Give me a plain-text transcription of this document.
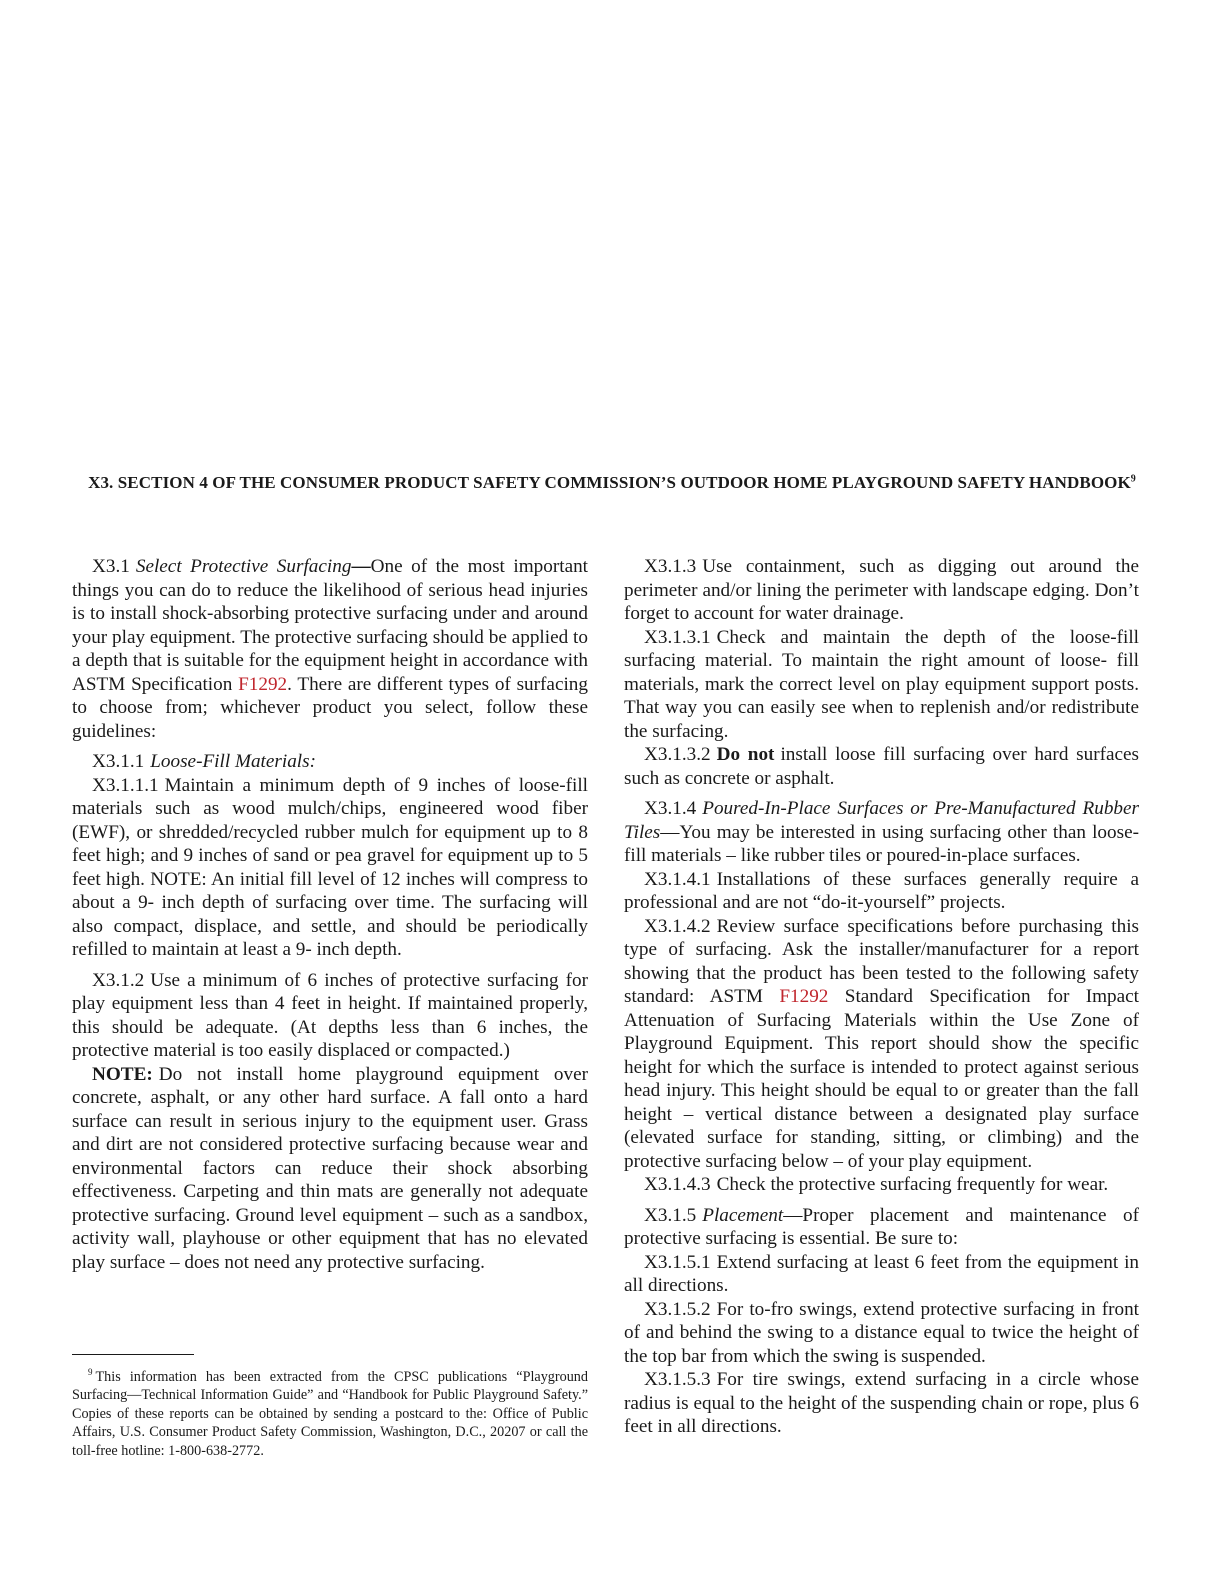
X3. SECTION 4 OF THE CONSUMER PRODUCT SAFETY COMMISSION’S OUTDOOR HOME PLAYGROUND SAFETY HANDBOOK$^9$

X3.1 Select Protective Surfacing—One of the most important things you can do to reduce the likelihood of serious head injuries is to install shock-absorbing protective surfacing under and around your play equipment. The protective surfacing should be applied to a depth that is suitable for the equipment height in accordance with ASTM Specification F1292. There are different types of surfacing to choose from; whichever product you select, follow these guidelines:

X3.1.1 Loose-Fill Materials:

X3.1.1.1 Maintain a minimum depth of 9 inches of loose-fill materials such as wood mulch/chips, engineered wood fiber (EWF), or shredded/recycled rubber mulch for equipment up to 8 feet high; and 9 inches of sand or pea gravel for equipment up to 5 feet high. NOTE: An initial fill level of 12 inches will compress to about a 9- inch depth of surfacing over time. The surfacing will also compact, displace, and settle, and should be periodically refilled to maintain at least a 9- inch depth.

X3.1.2 Use a minimum of 6 inches of protective surfacing for play equipment less than 4 feet in height. If maintained properly, this should be adequate. (At depths less than 6 inches, the protective material is too easily displaced or compacted.)

NOTE: Do not install home playground equipment over concrete, asphalt, or any other hard surface. A fall onto a hard surface can result in serious injury to the equipment user. Grass and dirt are not considered protective surfacing because wear and environmental factors can reduce their shock absorbing effectiveness. Carpeting and thin mats are generally not adequate protective surfacing. Ground level equipment – such as a sandbox, activity wall, playhouse or other equipment that has no elevated play surface – does not need any protective surfacing.

X3.1.3 Use containment, such as digging out around the perimeter and/or lining the perimeter with landscape edging. Don’t forget to account for water drainage.

X3.1.3.1 Check and maintain the depth of the loose-fill surfacing material. To maintain the right amount of loose- fill materials, mark the correct level on play equipment support posts. That way you can easily see when to replenish and/or redistribute the surfacing.

X3.1.3.2 Do not install loose fill surfacing over hard surfaces such as concrete or asphalt.

X3.1.4 Poured-In-Place Surfaces or Pre-Manufactured Rubber Tiles—You may be interested in using surfacing other than loose-fill materials – like rubber tiles or poured-in-place surfaces.

X3.1.4.1 Installations of these surfaces generally require a professional and are not “do-it-yourself” projects.

X3.1.4.2 Review surface specifications before purchasing this type of surfacing. Ask the installer/manufacturer for a report showing that the product has been tested to the following safety standard: ASTM F1292 Standard Specification for Impact Attenuation of Surfacing Materials within the Use Zone of Playground Equipment. This report should show the specific height for which the surface is intended to protect against serious head injury. This height should be equal to or greater than the fall height – vertical distance between a designated play surface (elevated surface for standing, sitting, or climbing) and the protective surfacing below – of your play equipment.

X3.1.4.3 Check the protective surfacing frequently for wear.

X3.1.5 Placement—Proper placement and maintenance of protective surfacing is essential. Be sure to:

X3.1.5.1 Extend surfacing at least 6 feet from the equipment in all directions.

X3.1.5.2 For to-fro swings, extend protective surfacing in front of and behind the swing to a distance equal to twice the height of the top bar from which the swing is suspended.

X3.1.5.3 For tire swings, extend surfacing in a circle whose radius is equal to the height of the suspending chain or rope, plus 6 feet in all directions.

$^9$ This information has been extracted from the CPSC publications “Playground Surfacing—Technical Information Guide” and “Handbook for Public Playground Safety.” Copies of these reports can be obtained by sending a postcard to the: Office of Public Affairs, U.S. Consumer Product Safety Commission, Washington, D.C., 20207 or call the toll-free hotline: 1-800-638-2772.
